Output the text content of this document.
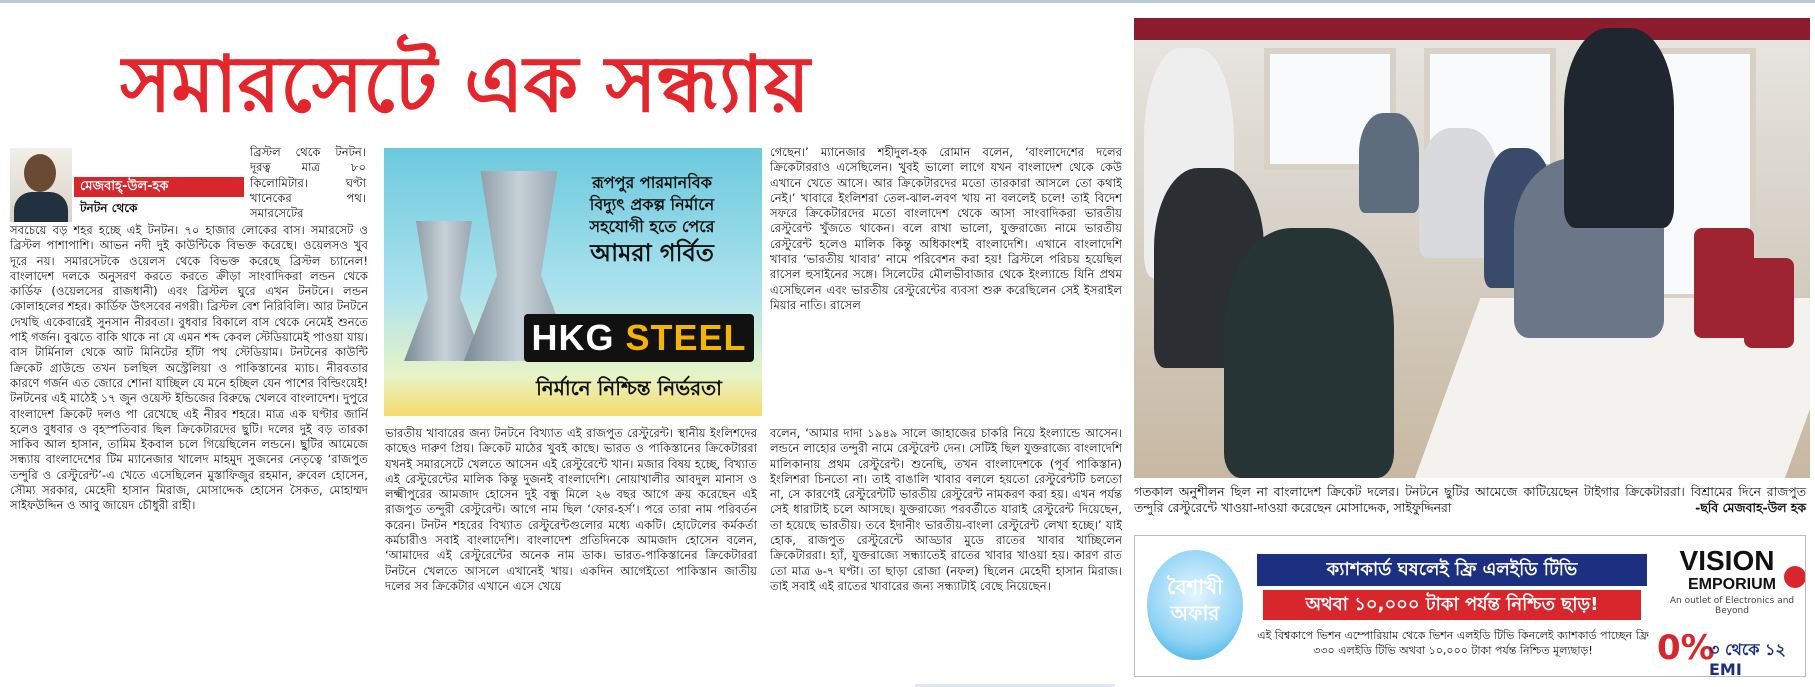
সমারসেটে এক সন্ধ্যায়
মেজবাহ্-উল-হক
টনটন থেকে

ব্রিস্টল থেকে টনটন। দূরত্ব মাত্র ৮০ কিলোমিটার। ঘণ্টা খানেকের পথ। সমারসেটের

সবচেয়ে বড় শহর হচ্ছে এই টনটন। ৭০ হাজার লোকের বাস। সমারসেট ও ব্রিস্টল পাশাপাশি। আভন নদী দুই কাউন্টিকে বিভক্ত করেছে। ওয়েলসও খুব দূরে নয়। সমারসেটকে ওয়েলস থেকে বিভক্ত করেছে ব্রিস্টল চ্যানেল! বাংলাদেশ দলকে অনুসরণ করতে করতে ক্রীড়া সাংবাদিকরা লন্ডন থেকে কার্ডিফ (ওয়েলসের রাজধানী) এবং ব্রিস্টল ঘুরে এখন টনটনে। লন্ডন কোলাহলের শহর। কার্ডিফ উৎসবের নগরী। ব্রিস্টল বেশ নিরিবিলি। আর টনটনে দেখছি একেবারেই সুনসান নীরবতা। বুধবার বিকালে বাস থেকে নেমেই শুনতে পাই গর্জন। বুঝতে বাকি থাকে না যে এমন শব্দ কেবল স্টেডিয়ামেই পাওয়া যায়। বাস টার্মিনাল থেকে আট মিনিটের হাঁটা পথ স্টেডিয়াম। টনটনের কাউন্টি ক্রিকেট গ্রাউন্ডে তখন চলছিল অস্ট্রেলিয়া ও পাকিস্তানের ম্যাচ। নীরবতার কারণে গর্জন এত জোরে শোনা যাচ্ছিল যে মনে হচ্ছিল যেন পাশের বিল্ডিংয়েই! টনটনের এই মাঠেই ১৭ জুন ওয়েস্ট ইন্ডিজের বিরুদ্ধে খেলবে বাংলাদেশ। দুপুরে বাংলাদেশ ক্রিকেট দলও পা রেখেছে এই নীরব শহরে। মাত্র এক ঘণ্টার জার্নি হলেও বুধবার ও বৃহস্পতিবার ছিল ক্রিকেটারদের ছুটি। দলের দুই বড় তারকা সাকিব আল হাসান, তামিম ইকবাল চলে গিয়েছিলেন লন্ডনে। ছুটির আমেজে সন্ধ্যায় বাংলাদেশের টিম ম্যানেজার খালেদ মাহমুদ সুজনের নেতৃত্বে ‘রাজপুত তন্দুরি ও রেস্টুরেন্ট’-এ খেতে এসেছিলেন মুস্তাফিজুর রহমান, রুবেল হোসেন, সৌম্য সরকার, মেহেদী হাসান মিরাজ, মোসাদ্দেক হোসেন সৈকত, মোহাম্মদ সাইফউদ্দিন ও আবু জায়েদ চৌধুরী রাহী।

ভারতীয় খাবারের জন্য টনটনে বিখ্যাত এই রাজপুত রেস্টুরেন্ট। স্থানীয় ইংলিশদের কাছেও দারুণ প্রিয়। ক্রিকেট মাঠের খুবই কাছে। ভারত ও পাকিস্তানের ক্রিকেটাররা যখনই সমারসেটে খেলতে আসেন এই রেস্টুরেন্টে খান। মজার বিষয় হচ্ছে, বিখ্যাত এই রেস্টুরেন্টের মালিক কিন্তু দুজনই বাংলাদেশি। নোয়াখালীর আবদুল মানাস ও লক্ষ্মীপুরের আমজাদ হোসেন দুই বন্ধু মিলে ২৬ বছর আগে ক্রয় করেছেন এই রাজপুত তন্দুরী রেস্টুরেন্ট। আগে নাম ছিল ‘ফোর-হর্স’। পরে তারা নাম পরিবর্তন করেন। টনটন শহরের বিখ্যাত রেস্টুরেন্টগুলোর মধ্যে একটি। হোটেলের কর্মকর্তা কর্মচারীও সবাই বাংলাদেশি। বাংলাদেশ প্রতিদিনকে আমজাদ হোসেন বলেন, ‘আমাদের এই রেস্টুরেন্টের অনেক নাম ডাক। ভারত-পাকিস্তানের ক্রিকেটাররা টনটনে খেলতে আসলে এখানেই খায়। একদিন আগেইতো পাকিস্তান জাতীয় দলের সব ক্রিকেটার এখানে এসে খেয়ে

গেছেন।’ ম্যানেজার শহীদুল-হক রোমান বলেন, ‘বাংলাদেশের দলের ক্রিকেটাররাও এসেছিলেন। খুবই ভালো লাগে যখন বাংলাদেশ থেকে কেউ এখানে খেতে আসে। আর ক্রিকেটারদের মতো তারকারা আসলে তো কথাই নেই।’ খাবারে ইংলিশরা তেল-ঝাল-লবণ খায় না বললেই চলে! তাই বিদেশ সফরে ক্রিকেটারদের মতো বাংলাদেশ থেকে আসা সাংবাদিকরা ভারতীয় রেস্টুরেন্ট খুঁজতে থাকেন। বলে রাখা ভালো, যুক্তরাজ্যে নামে ভারতীয় রেস্টুরেন্ট হলেও মালিক কিন্তু অধিকাংশই বাংলাদেশি। এখানে বাংলাদেশি খাবার ‘ভারতীয় খাবার’ নামে পরিবেশন করা হয়! ব্রিস্টলে পরিচয় হয়েছিল রাসেল হুসাইনের সঙ্গে। সিলেটের মৌলভীবাজার থেকে ইংল্যান্ডে যিনি প্রথম এসেছিলেন এবং ভারতীয় রেস্টুরেন্টের ব্যবসা শুরু করেছিলেন সেই ইসরাইল মিয়ার নাতি। রাসেল

বলেন, ‘আমার দাদা ১৯৪৯ সালে জাহাজের চাকরি নিয়ে ইংল্যান্ডে আসেন। লন্ডনে লাহোর তন্দুরী নামে রেস্টুরেন্ট দেন। সেটিই ছিল যুক্তরাজ্যে বাংলাদেশি মালিকানায় প্রথম রেস্টুরেন্ট। শুনেছি, তখন বাংলাদেশকে (পূর্ব পাকিস্তান) ইংলিশরা চিনতো না। তাই বাঙালি খাবার বললে হয়তো রেস্টুরেন্টটি চলতো না, সে কারণেই রেস্টুরেন্টটি ভারতীয় রেস্টুরেন্ট নামকরণ করা হয়। এখন পর্যন্ত সেই ধারাটাই চলে আসছে। যুক্তরাজ্যে পরবর্তীতে যারাই রেস্টুরেন্ট দিয়েছেন, তা হয়েছে ভারতীয়। তবে ইদানীং ভারতীয়-বাংলা রেস্টুরেন্ট লেখা হচ্ছে।’ যাই হোক, রাজপুত রেস্টুরেন্টে আড্ডার মুডে রাতের খাবার খাচ্ছিলেন ক্রিকেটাররা। হ্যাঁ, যুক্তরাজ্যে সন্ধ্যাতেই রাতের খাবার খাওয়া হয়। কারণ রাত তো মাত্র ৬-৭ ঘণ্টা। তা ছাড়া রোজা (নফল) ছিলেন মেহেদী হাসান মিরাজ। তাই সবাই এই রাতের খাবারের জন্য সন্ধ্যাটাই বেছে নিয়েছেন।

রূপপুর পারমানবিক
বিদ্যুৎ প্রকল্প নির্মানে
সহযোগী হতে পেরে
আমরা গর্বিত
HKG STEEL
নির্মানে নিশ্চিন্ত নির্ভরতা
গতকাল অনুশীলন ছিল না বাংলাদেশ ক্রিকেট দলের। টনটনে ছুটির আমেজে কাটিয়েছেন টাইগার ক্রিকেটাররা। বিশ্রামের দিনে রাজপুত তন্দুরি রেস্টুরেন্টে খাওয়া-দাওয়া করেছেন মোসাদ্দেক, সাইফুদ্দিনরা	-ছবি মেজবাহ-উল হক
বৈশাখী অফার
ক্যাশকার্ড ঘষলেই ফ্রি এলইডি টিভি
অথবা ১০,০০০ টাকা পর্যন্ত নিশ্চিত ছাড়!
এই বিশ্বকাপে ভিশন এম্পোরিয়াম থেকে ভিশন এলইডি টিভি কিনলেই ক্যাশকার্ড পাচ্ছেন ফ্রি ৩৩০ এলইডি টিভি অথবা ১০,০০০ টাকা পর্যন্ত নিশ্চিত মূল্যছাড়!
VISION
EMPORIUM
An outlet of Electronics and Beyond
0%
৩ থেকে ১২ EMI
